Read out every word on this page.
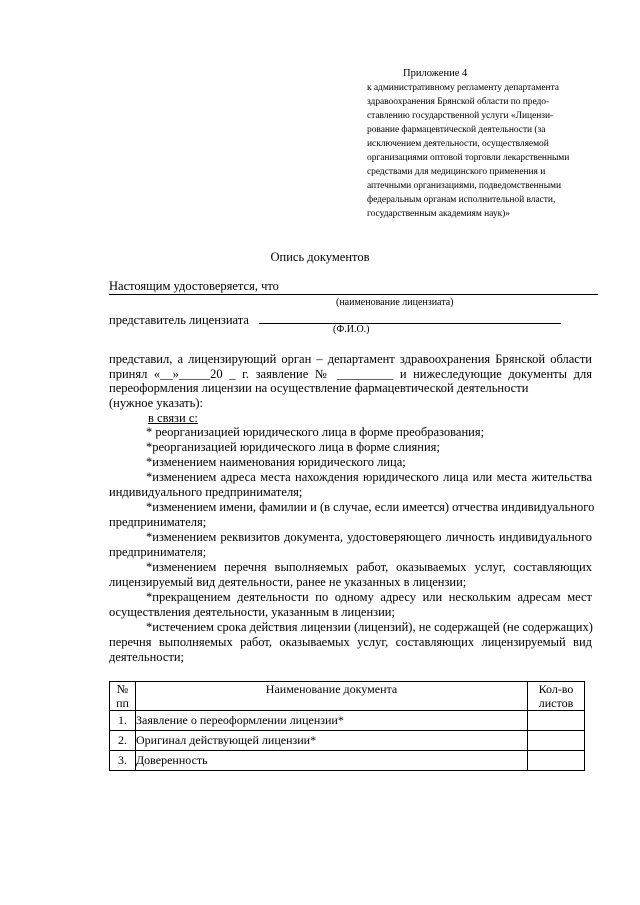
Приложение 4
к административному регламенту департамента
здравоохранения Брянской области по предо-
ставлению государственной услуги «Лицензи-
рование фармацевтической деятельности (за
исключением деятельности, осуществляемой
организациями оптовой торговли лекарственными
средствами для медицинского применения и
аптечными организациями, подведомственными
федеральным органам исполнительной власти,
государственным академиям наук)»
Опись документов
Настоящим удостоверяется, что
(наименование лицензиата)
представитель лицензиата
(Ф.И.О.)
представил, а лицензирующий орган – департамент здравоохранения Брянской области
принял «__»_____20 _ г. заявление № _________ и нижеследующие документы для
переоформления лицензии на осуществление фармацевтической деятельности
(нужное указать):
в связи с:
* реорганизацией юридического лица в форме преобразования;
*реорганизацией юридического лица в форме слияния;
*изменением наименования юридического лица;
*изменением адреса места нахождения юридического лица или места жительства
индивидуального предпринимателя;
*изменением имени, фамилии и (в случае, если имеется) отчества индивидуального
предпринимателя;
*изменением реквизитов документа, удостоверяющего личность индивидуального
предпринимателя;
*изменением перечня выполняемых работ, оказываемых услуг, составляющих
лицензируемый вид деятельности, ранее не указанных в лицензии;
*прекращением деятельности по одному адресу или нескольким адресам мест
осуществления деятельности, указанным в лицензии;
*истечением срока действия лицензии (лицензий), не содержащей (не содержащих)
перечня выполняемых работ, оказываемых услуг, составляющих лицензируемый вид
деятельности;
№ пп	Наименование документа	Кол-во листов
1.	Заявление о переоформлении лицензии*	
2.	Оригинал действующей лицензии*	
3.	Доверенность	
